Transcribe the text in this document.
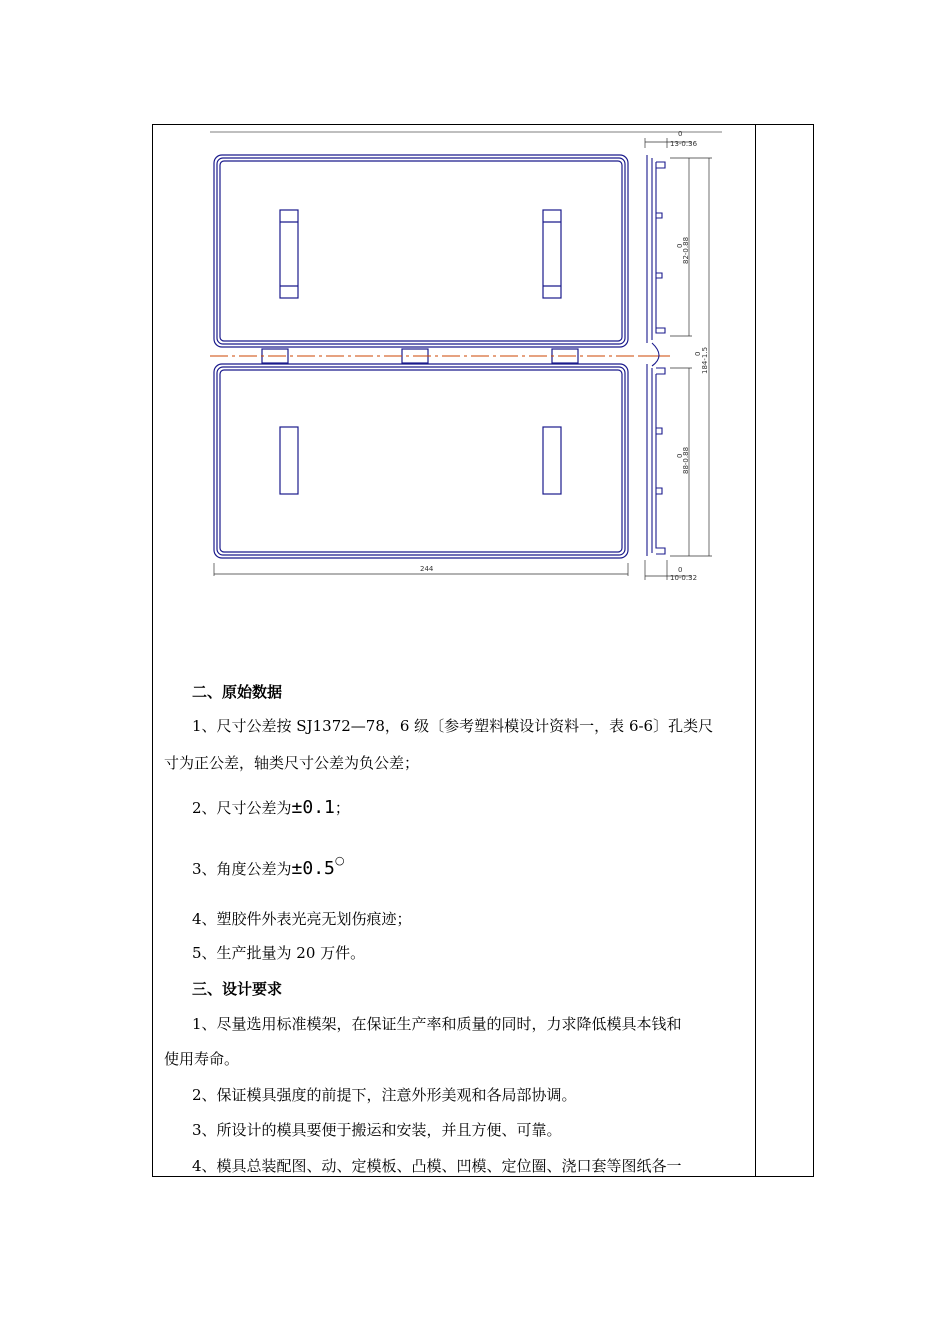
244
0
13-0.36
0
82-0.88
0 184-1.5
0
88-0.88
0
10-0.32
二、原始数据
1、尺寸公差按 SJ1372—78，6 级〔参考塑料模设计资料一，表 6-6〕孔类尺
寸为正公差，轴类尺寸公差为负公差；
2、尺寸公差为±0.1；
3、角度公差为±0.5○
4、塑胶件外表光亮无划伤痕迹；
5、生产批量为 20 万件。
三、设计要求
1、尽量选用标准模架，在保证生产率和质量的同时，力求降低模具本钱和
使用寿命。
2、保证模具强度的前提下，注意外形美观和各局部协调。
3、所设计的模具要便于搬运和安装，并且方便、可靠。
4、模具总装配图、动、定模板、凸模、凹模、定位圈、浇口套等图纸各一
